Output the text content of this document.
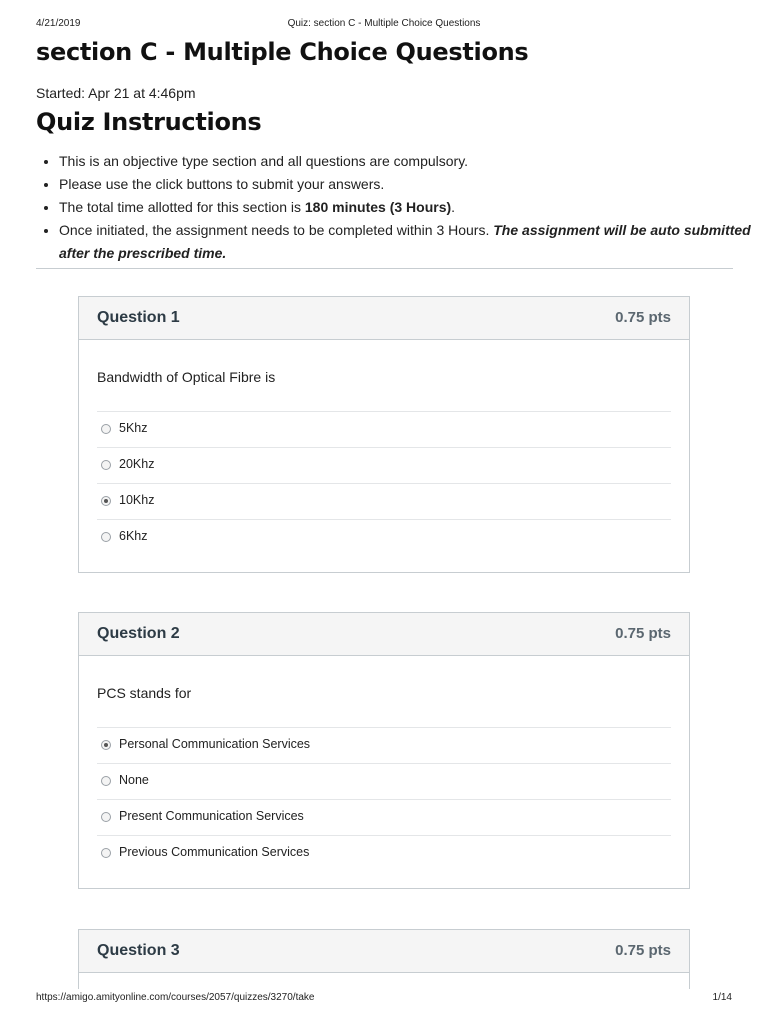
4/21/2019	Quiz: section C - Multiple Choice Questions
section C - Multiple Choice Questions
Started: Apr 21 at 4:46pm
Quiz Instructions
• This is an objective type section and all questions are compulsory.
• Please use the click buttons to submit your answers.
• The total time allotted for this section is 180 minutes (3 Hours).
• Once initiated, the assignment needs to be completed within 3 Hours. The assignment will be auto submitted after the prescribed time.
Question 1	0.75 pts
Bandwidth of Optical Fibre is
5Khz
20Khz
10Khz
6Khz
Question 2	0.75 pts
PCS stands for
Personal Communication Services
None
Present Communication Services
Previous Communication Services
Question 3	0.75 pts
https://amigo.amityonline.com/courses/2057/quizzes/3270/take	1/14
